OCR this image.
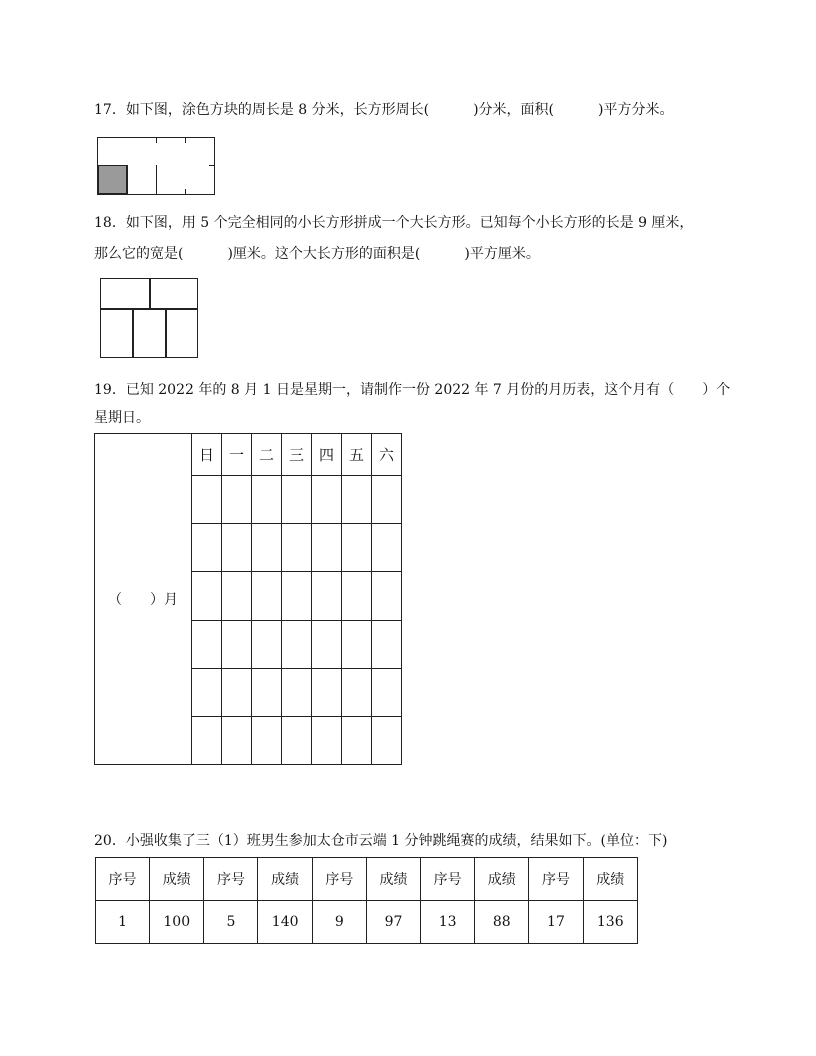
17．如下图，涂色方块的周长是 8 分米，长方形周长(	)分米，面积(	)平方分米。
18．如下图，用 5 个完全相同的小长方形拼成一个大长方形。已知每个小长方形的长是 9 厘米，
那么它的宽是(	)厘米。这个大长方形的面积是(	)平方厘米。
19．已知 2022 年的 8 月 1 日是星期一，请制作一份 2022 年 7 月份的月历表，这个月有（　　）个
星期日。
（　　）月	日	一	二	三	四	五	六

20．小强收集了三（1）班男生参加太仓市云端 1 分钟跳绳赛的成绩，结果如下。(单位：下)
序号	成绩	序号	成绩	序号	成绩	序号	成绩	序号	成绩
1	100	5	140	9	97	13	88	17	136
